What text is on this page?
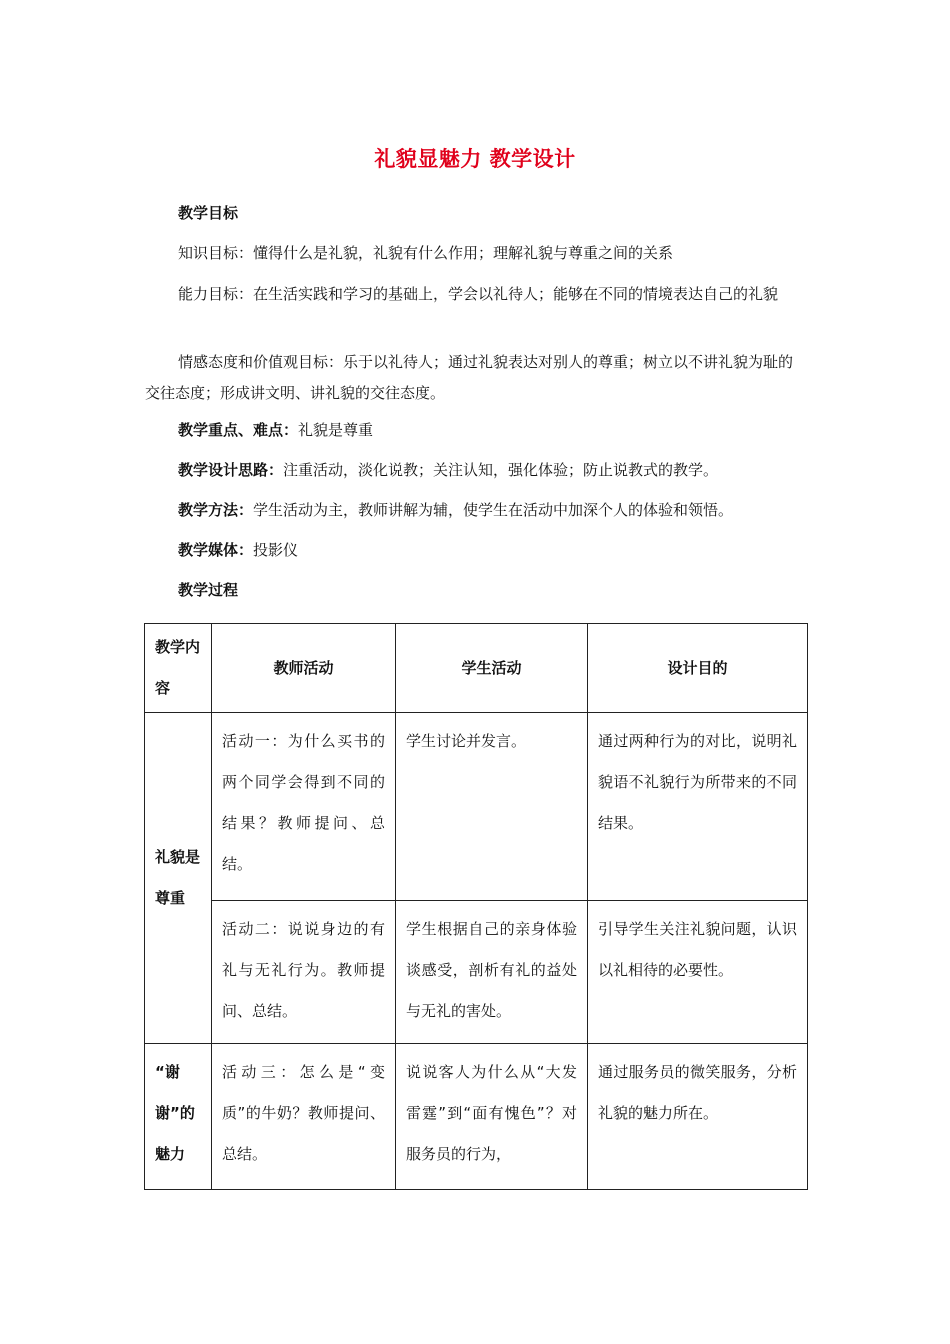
礼貌显魅力 教学设计
教学目标
知识目标：懂得什么是礼貌，礼貌有什么作用；理解礼貌与尊重之间的关系
能力目标：在生活实践和学习的基础上，学会以礼待人；能够在不同的情境表达自己的礼貌
情感态度和价值观目标：乐于以礼待人；通过礼貌表达对别人的尊重；树立以不讲礼貌为耻的交往态度；形成讲文明、讲礼貌的交往态度。
教学重点、难点：礼貌是尊重
教学设计思路：注重活动，淡化说教；关注认知，强化体验；防止说教式的教学。
教学方法：学生活动为主，教师讲解为辅，使学生在活动中加深个人的体验和领悟。
教学媒体：投影仪
教学过程
教学内容	教师活动	学生活动	设计目的
礼貌是尊重	活动一：为什么买书的两个同学会得到不同的结果？教师提问、总结。	学生讨论并发言。	通过两种行为的对比，说明礼貌语不礼貌行为所带来的不同结果。
	活动二：说说身边的有礼与无礼行为。教师提问、总结。	学生根据自己的亲身体验谈感受，剖析有礼的益处与无礼的害处。	引导学生关注礼貌问题，认识以礼相待的必要性。
“谢谢”的魅力	活动三：怎么是“变质”的牛奶？教师提问、总结。	说说客人为什么从“大发雷霆”到“面有愧色”？对服务员的行为，	通过服务员的微笑服务，分析礼貌的魅力所在。
